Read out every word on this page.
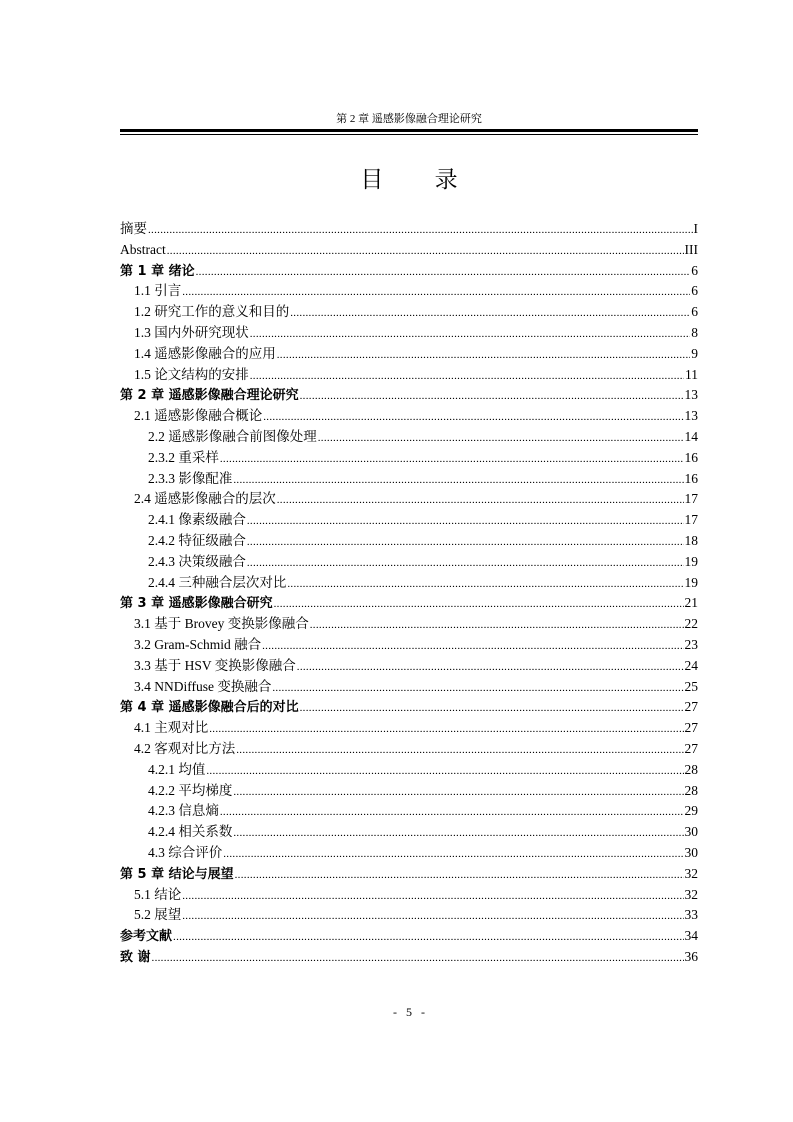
第 2 章 遥感影像融合理论研究
目 录
摘要 .....	I
Abstract .....	III
第 1 章 绪论 .....	6
1.1 引言 .....	6
1.2 研究工作的意义和目的 .....	6
1.3 国内外研究现状 .....	8
1.4 遥感影像融合的应用 .....	9
1.5 论文结构的安排 .....	11
第 2 章 遥感影像融合理论研究 .....	13
2.1 遥感影像融合概论 .....	13
2.2 遥感影像融合前图像处理 .....	14
2.3.2 重采样 .....	16
2.3.3 影像配准 .....	16
2.4 遥感影像融合的层次 .....	17
2.4.1 像素级融合 .....	17
2.4.2 特征级融合 .....	18
2.4.3 决策级融合 .....	19
2.4.4 三种融合层次对比 .....	19
第 3 章 遥感影像融合研究 .....	21
3.1 基于 Brovey 变换影像融合 .....	22
3.2 Gram-Schmid 融合 .....	23
3.3 基于 HSV 变换影像融合 .....	24
3.4 NNDiffuse 变换融合 .....	25
第 4 章 遥感影像融合后的对比 .....	27
4.1 主观对比 .....	27
4.2 客观对比方法 .....	27
4.2.1 均值 .....	28
4.2.2 平均梯度 .....	28
4.2.3 信息熵 .....	29
4.2.4 相关系数 .....	30
4.3 综合评价 .....	30
第 5 章 结论与展望 .....	32
5.1 结论 .....	32
5.2 展望 .....	33
参考文献 .....	34
致 谢 .....	36
- 5 -
